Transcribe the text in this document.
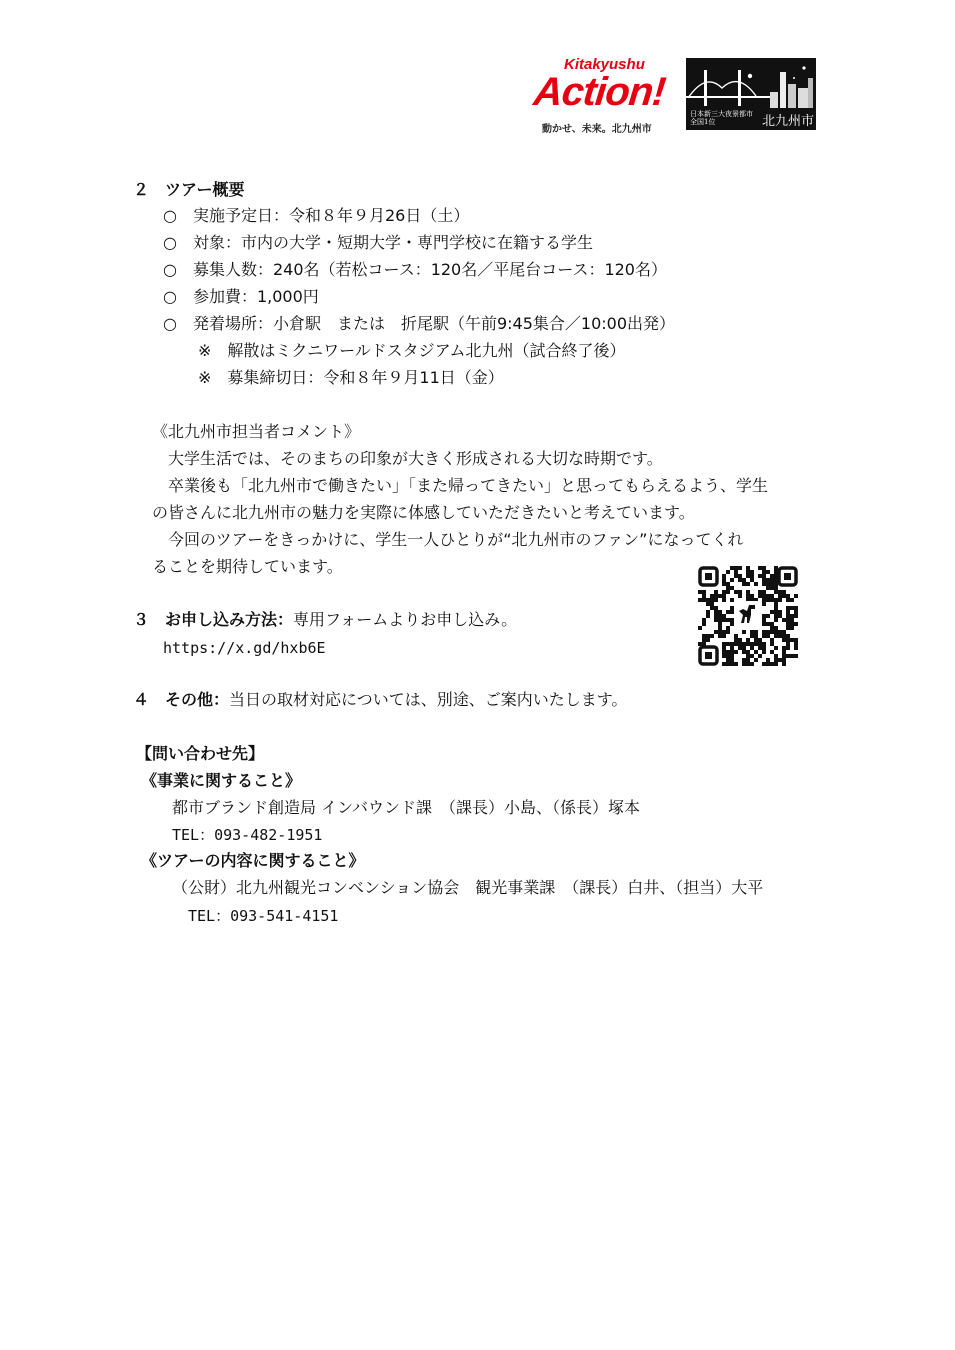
Kitakyushu
Action!
動かせ、未来。北九州市
日本新三大夜景都市 全国1位	北九州市
２　ツアー概要
○　実施予定日：令和８年９月26日（土）
○　対象：市内の大学・短期大学・専門学校に在籍する学生
○　募集人数：240名（若松コース：120名／平尾台コース：120名）
○　参加費：1,000円
○　発着場所：小倉駅　または　折尾駅（午前9:45集合／10:00出発）
※　解散はミクニワールドスタジアム北九州（試合終了後）
※　募集締切日：令和８年９月11日（金）
《北九州市担当者コメント》
　大学生活では、そのまちの印象が大きく形成される大切な時期です。
　卒業後も「北九州市で働きたい」「また帰ってきたい」と思ってもらえるよう、学生
の皆さんに北九州市の魅力を実際に体感していただきたいと考えています。
　今回のツアーをきっかけに、学生一人ひとりが“北九州市のファン”になってくれ
ることを期待しています。
３　お申し込み方法：専用フォームよりお申し込み。
https://x.gd/hxb6E
４　その他：当日の取材対応については、別途、ご案内いたします。
【問い合わせ先】
《事業に関すること》
都市ブランド創造局 インバウンド課　（課長）小島、（係長）塚本
TEL：093-482-1951
《ツアーの内容に関すること》
（公財）北九州観光コンベンション協会　観光事業課　（課長）白井、（担当）大平
TEL：093-541-4151
